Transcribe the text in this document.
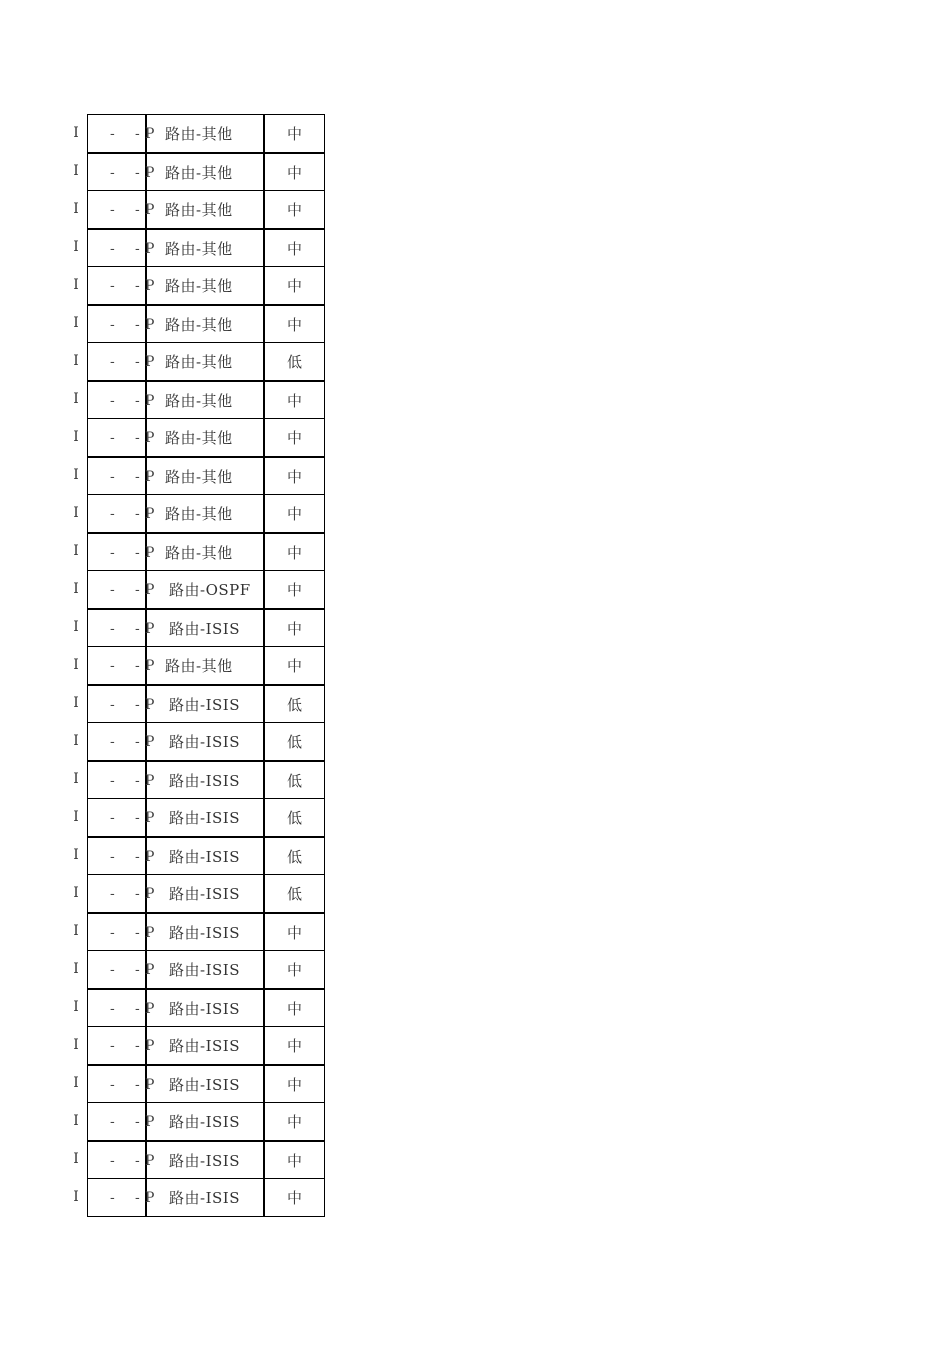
I - - P 路由-其他	中
I - - P 路由-其他	中
I - - P 路由-其他	中
I - - P 路由-其他	中
I - - P 路由-其他	中
I - - P 路由-其他	中
I - - P 路由-其他	低
I - - P 路由-其他	中
I - - P 路由-其他	中
I - - P 路由-其他	中
I - - P 路由-其他	中
I - - P 路由-其他	中
I - - P 路由-OSPF	中
I - - P 路由-ISIS	中
I - - P 路由-其他	中
I - - P 路由-ISIS	低
I - - P 路由-ISIS	低
I - - P 路由-ISIS	低
I - - P 路由-ISIS	低
I - - P 路由-ISIS	低
I - - P 路由-ISIS	低
I - - P 路由-ISIS	中
I - - P 路由-ISIS	中
I - - P 路由-ISIS	中
I - - P 路由-ISIS	中
I - - P 路由-ISIS	中
I - - P 路由-ISIS	中
I - - P 路由-ISIS	中
I - - P 路由-ISIS	中
